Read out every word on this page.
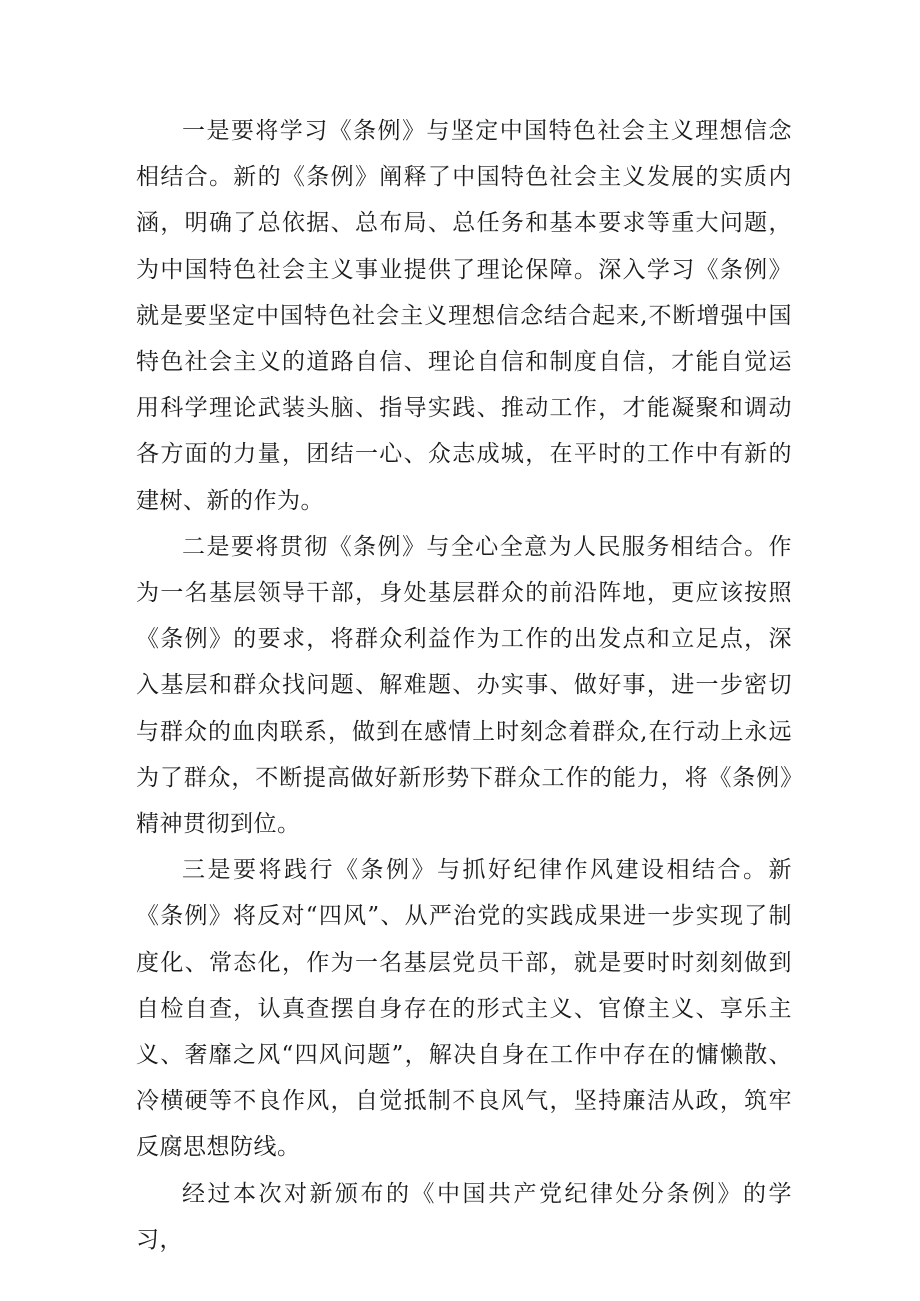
一是要将学习《条例》与坚定中国特色社会主义理想信念相结合。新的《条例》阐释了中国特色社会主义发展的实质内涵，明确了总依据、总布局、总任务和基本要求等重大问题，为中国特色社会主义事业提供了理论保障。深入学习《条例》就是要坚定中国特色社会主义理想信念结合起来,不断增强中国特色社会主义的道路自信、理论自信和制度自信，才能自觉运用科学理论武装头脑、指导实践、推动工作，才能凝聚和调动各方面的力量，团结一心、众志成城，在平时的工作中有新的建树、新的作为。

二是要将贯彻《条例》与全心全意为人民服务相结合。作为一名基层领导干部，身处基层群众的前沿阵地，更应该按照《条例》的要求，将群众利益作为工作的出发点和立足点，深入基层和群众找问题、解难题、办实事、做好事，进一步密切与群众的血肉联系，做到在感情上时刻念着群众,在行动上永远为了群众，不断提高做好新形势下群众工作的能力，将《条例》精神贯彻到位。

三是要将践行《条例》与抓好纪律作风建设相结合。新《条例》将反对“四风”、从严治党的实践成果进一步实现了制度化、常态化，作为一名基层党员干部，就是要时时刻刻做到自检自查，认真查摆自身存在的形式主义、官僚主义、享乐主义、奢靡之风“四风问题”，解决自身在工作中存在的慵懒散、冷横硬等不良作风，自觉抵制不良风气，坚持廉洁从政，筑牢反腐思想防线。

经过本次对新颁布的《中国共产党纪律处分条例》的学习，
